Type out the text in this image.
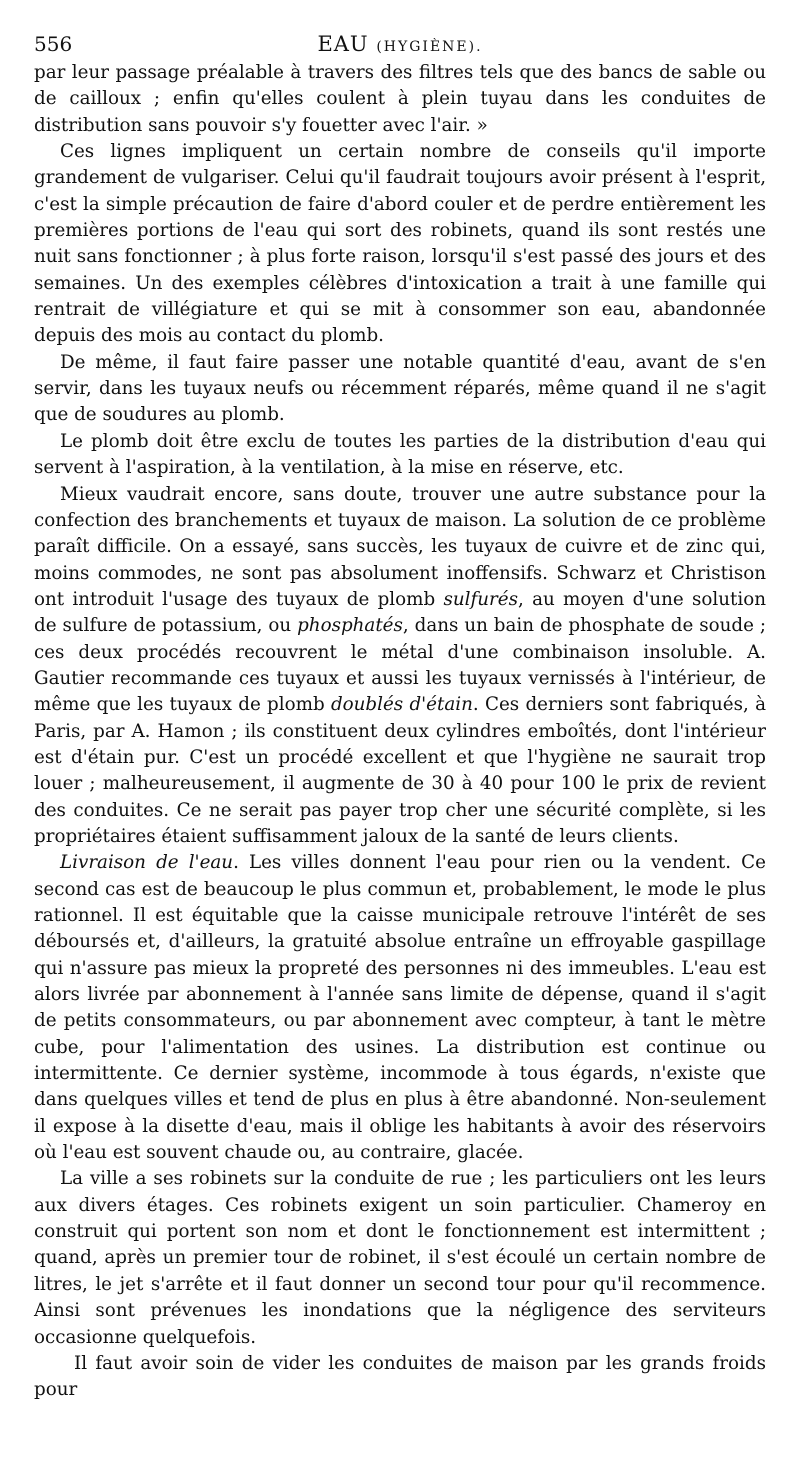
556	EAU (HYGIÈNE).

par leur passage préalable à travers des filtres tels que des bancs de sable ou de cailloux ; enfin qu'elles coulent à plein tuyau dans les conduites de distribution sans pouvoir s'y fouetter avec l'air. »

Ces lignes impliquent un certain nombre de conseils qu'il importe grandement de vulgariser. Celui qu'il faudrait toujours avoir présent à l'esprit, c'est la simple précaution de faire d'abord couler et de perdre entièrement les premières portions de l'eau qui sort des robinets, quand ils sont restés une nuit sans fonctionner ; à plus forte raison, lorsqu'il s'est passé des jours et des semaines. Un des exemples célèbres d'intoxication a trait à une famille qui rentrait de villégiature et qui se mit à consommer son eau, abandonnée depuis des mois au contact du plomb.

De même, il faut faire passer une notable quantité d'eau, avant de s'en servir, dans les tuyaux neufs ou récemment réparés, même quand il ne s'agit que de soudures au plomb.

Le plomb doit être exclu de toutes les parties de la distribution d'eau qui servent à l'aspiration, à la ventilation, à la mise en réserve, etc.

Mieux vaudrait encore, sans doute, trouver une autre substance pour la confection des branchements et tuyaux de maison. La solution de ce problème paraît difficile. On a essayé, sans succès, les tuyaux de cuivre et de zinc qui, moins commodes, ne sont pas absolument inoffensifs. Schwarz et Christison ont introduit l'usage des tuyaux de plomb sulfurés, au moyen d'une solution de sulfure de potassium, ou phosphatés, dans un bain de phosphate de soude ; ces deux procédés recouvrent le métal d'une combinaison insoluble. A. Gautier recommande ces tuyaux et aussi les tuyaux vernissés à l'intérieur, de même que les tuyaux de plomb doublés d'étain. Ces derniers sont fabriqués, à Paris, par A. Hamon ; ils constituent deux cylindres emboîtés, dont l'intérieur est d'étain pur. C'est un procédé excellent et que l'hygiène ne saurait trop louer ; malheureusement, il augmente de 30 à 40 pour 100 le prix de revient des conduites. Ce ne serait pas payer trop cher une sécurité complète, si les propriétaires étaient suffisamment jaloux de la santé de leurs clients.

Livraison de l'eau. Les villes donnent l'eau pour rien ou la vendent. Ce second cas est de beaucoup le plus commun et, probablement, le mode le plus rationnel. Il est équitable que la caisse municipale retrouve l'intérêt de ses déboursés et, d'ailleurs, la gratuité absolue entraîne un effroyable gaspillage qui n'assure pas mieux la propreté des personnes ni des immeubles. L'eau est alors livrée par abonnement à l'année sans limite de dépense, quand il s'agit de petits consommateurs, ou par abonnement avec compteur, à tant le mètre cube, pour l'alimentation des usines. La distribution est continue ou intermittente. Ce dernier système, incommode à tous égards, n'existe que dans quelques villes et tend de plus en plus à être abandonné. Non-seulement il expose à la disette d'eau, mais il oblige les habitants à avoir des réservoirs où l'eau est souvent chaude ou, au contraire, glacée.

La ville a ses robinets sur la conduite de rue ; les particuliers ont les leurs aux divers étages. Ces robinets exigent un soin particulier. Chameroy en construit qui portent son nom et dont le fonctionnement est intermittent ; quand, après un premier tour de robinet, il s'est écoulé un certain nombre de litres, le jet s'arrête et il faut donner un second tour pour qu'il recommence. Ainsi sont prévenues les inondations que la négligence des serviteurs occasionne quelquefois.

Il faut avoir soin de vider les conduites de maison par les grands froids pour
